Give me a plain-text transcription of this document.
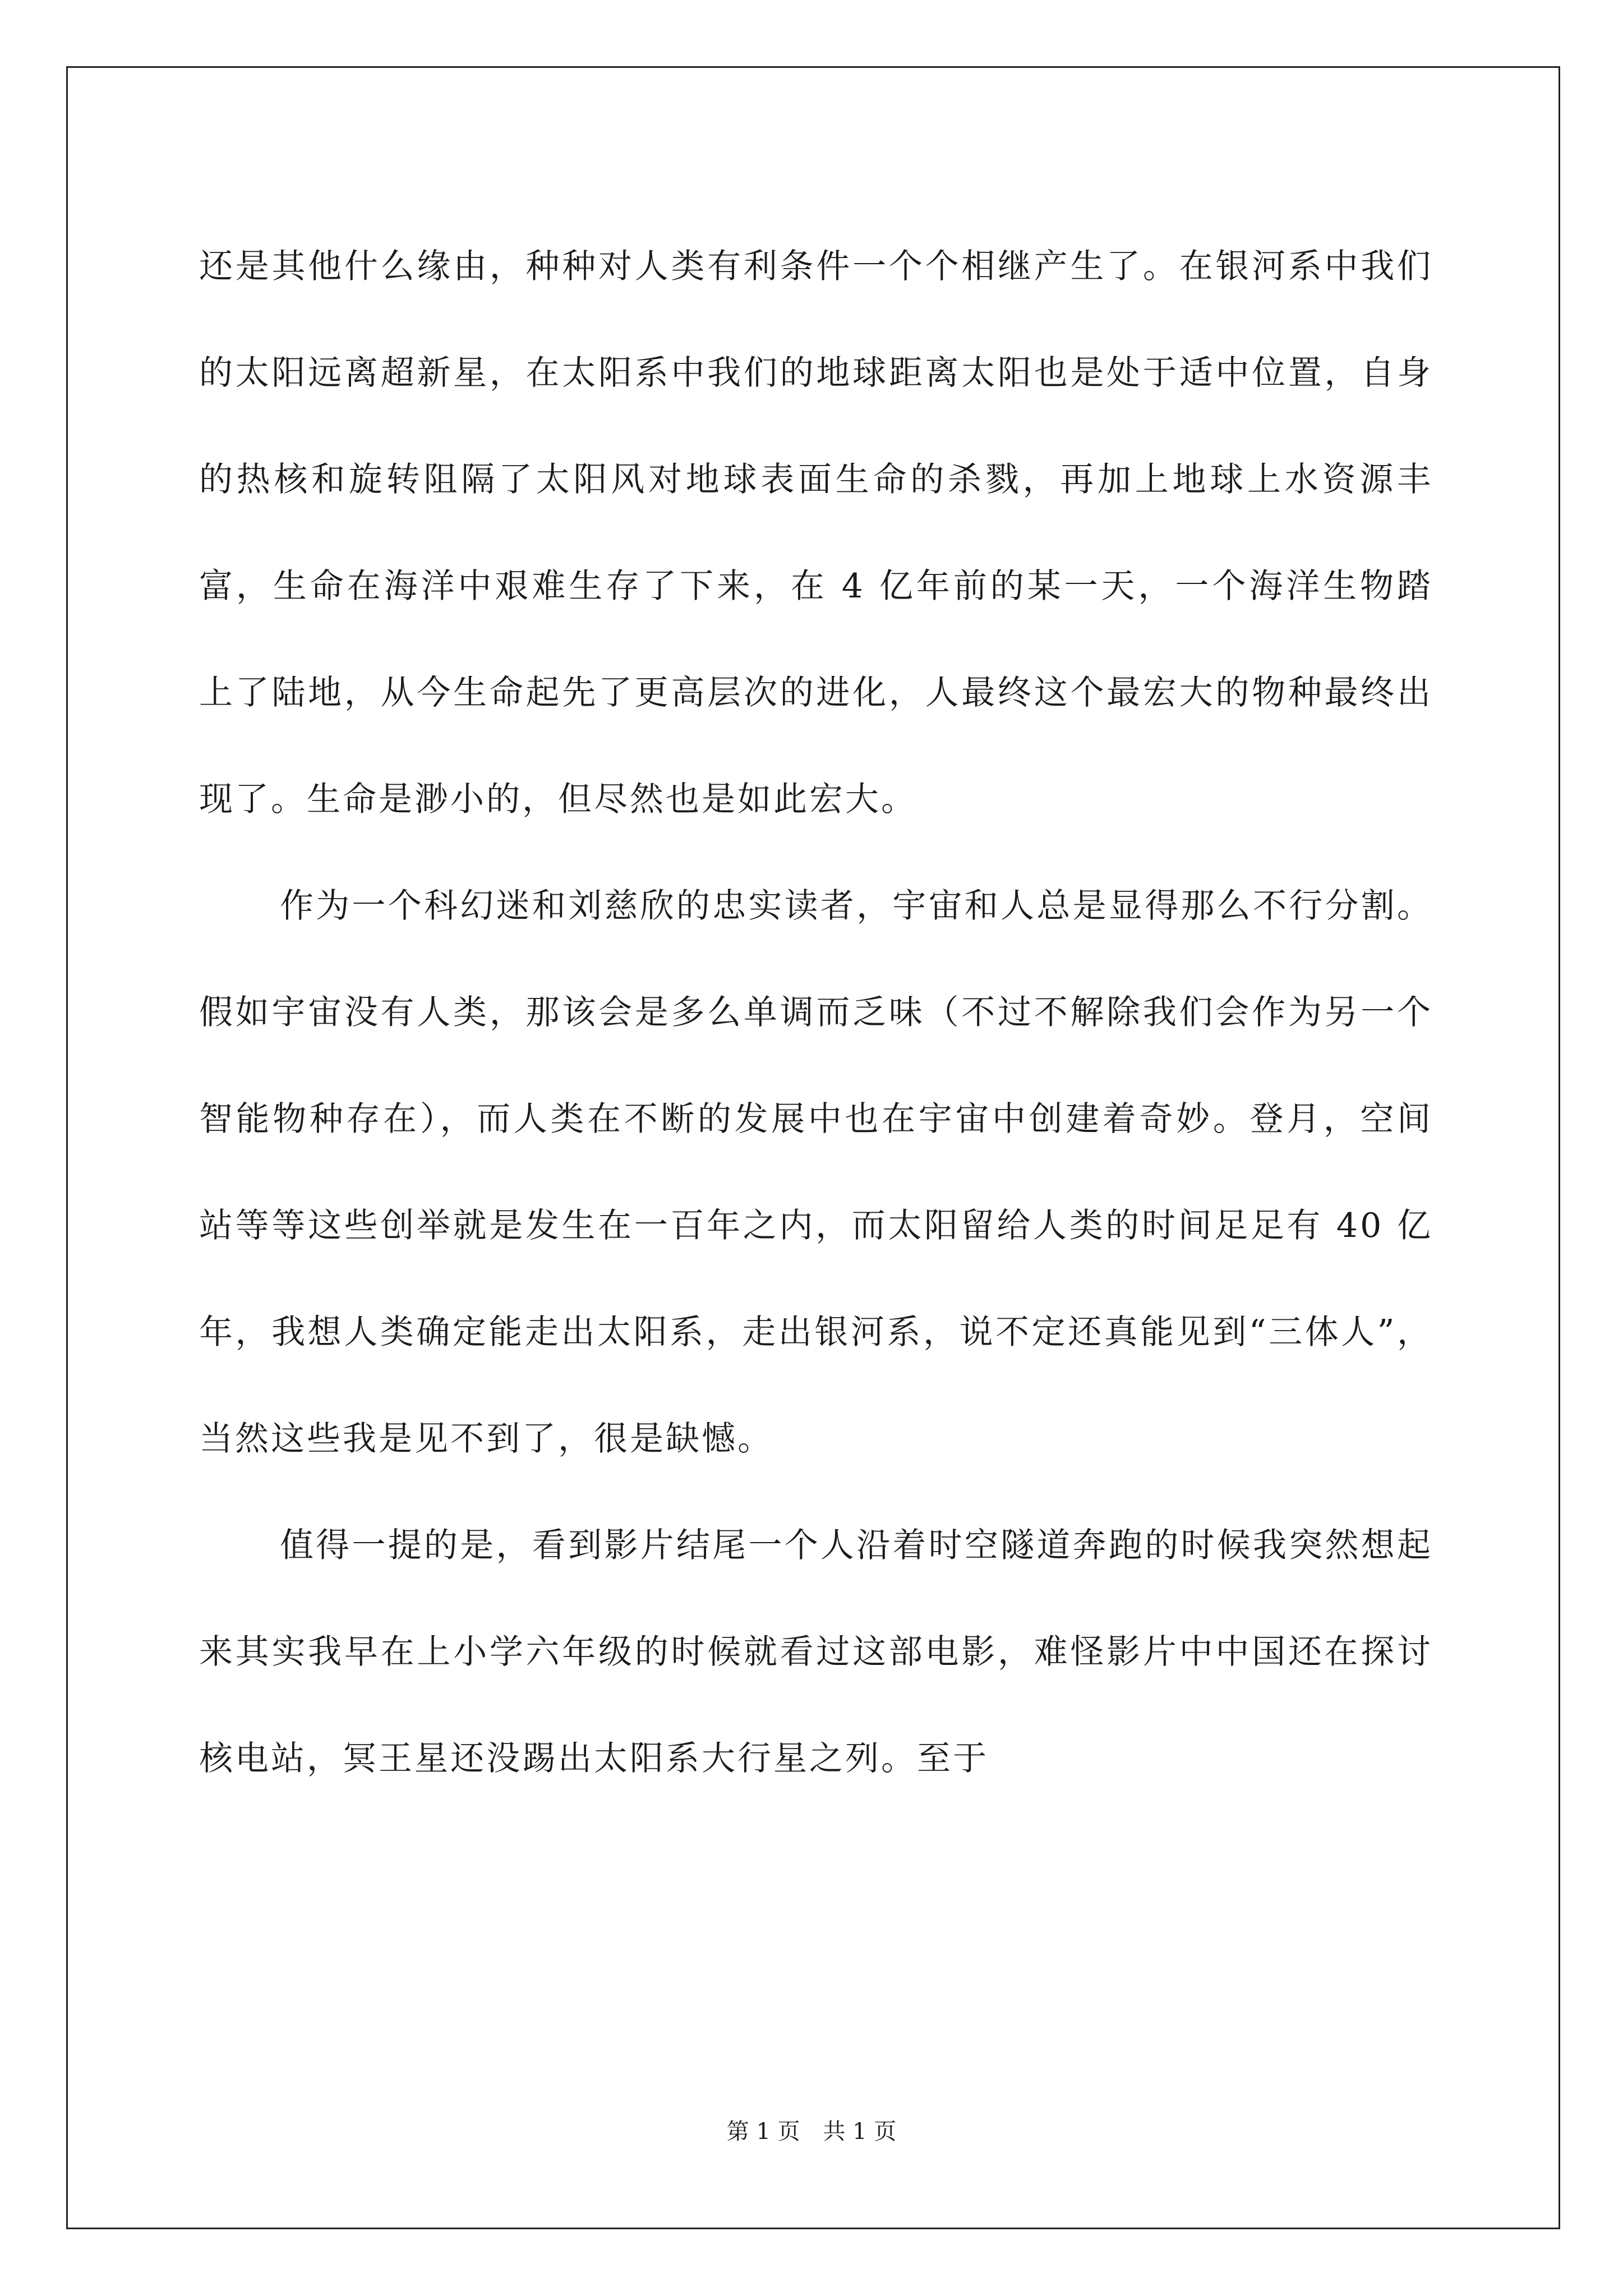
还是其他什么缘由，种种对人类有利条件一个个相继产生了。在银河系中我们的太阳远离超新星，在太阳系中我们的地球距离太阳也是处于适中位置，自身的热核和旋转阻隔了太阳风对地球表面生命的杀戮，再加上地球上水资源丰富，生命在海洋中艰难生存了下来，在 4 亿年前的某一天，一个海洋生物踏上了陆地，从今生命起先了更高层次的进化，人最终这个最宏大的物种最终出现了。生命是渺小的，但尽然也是如此宏大。

作为一个科幻迷和刘慈欣的忠实读者，宇宙和人总是显得那么不行分割。假如宇宙没有人类，那该会是多么单调而乏味（不过不解除我们会作为另一个智能物种存在），而人类在不断的发展中也在宇宙中创建着奇妙。登月，空间站等等这些创举就是发生在一百年之内，而太阳留给人类的时间足足有 40 亿年，我想人类确定能走出太阳系，走出银河系，说不定还真能见到“三体人”，当然这些我是见不到了，很是缺憾。

值得一提的是，看到影片结尾一个人沿着时空隧道奔跑的时候我突然想起来其实我早在上小学六年级的时候就看过这部电影，难怪影片中中国还在探讨核电站，冥王星还没踢出太阳系大行星之列。至于

第 1 页 共 1 页
